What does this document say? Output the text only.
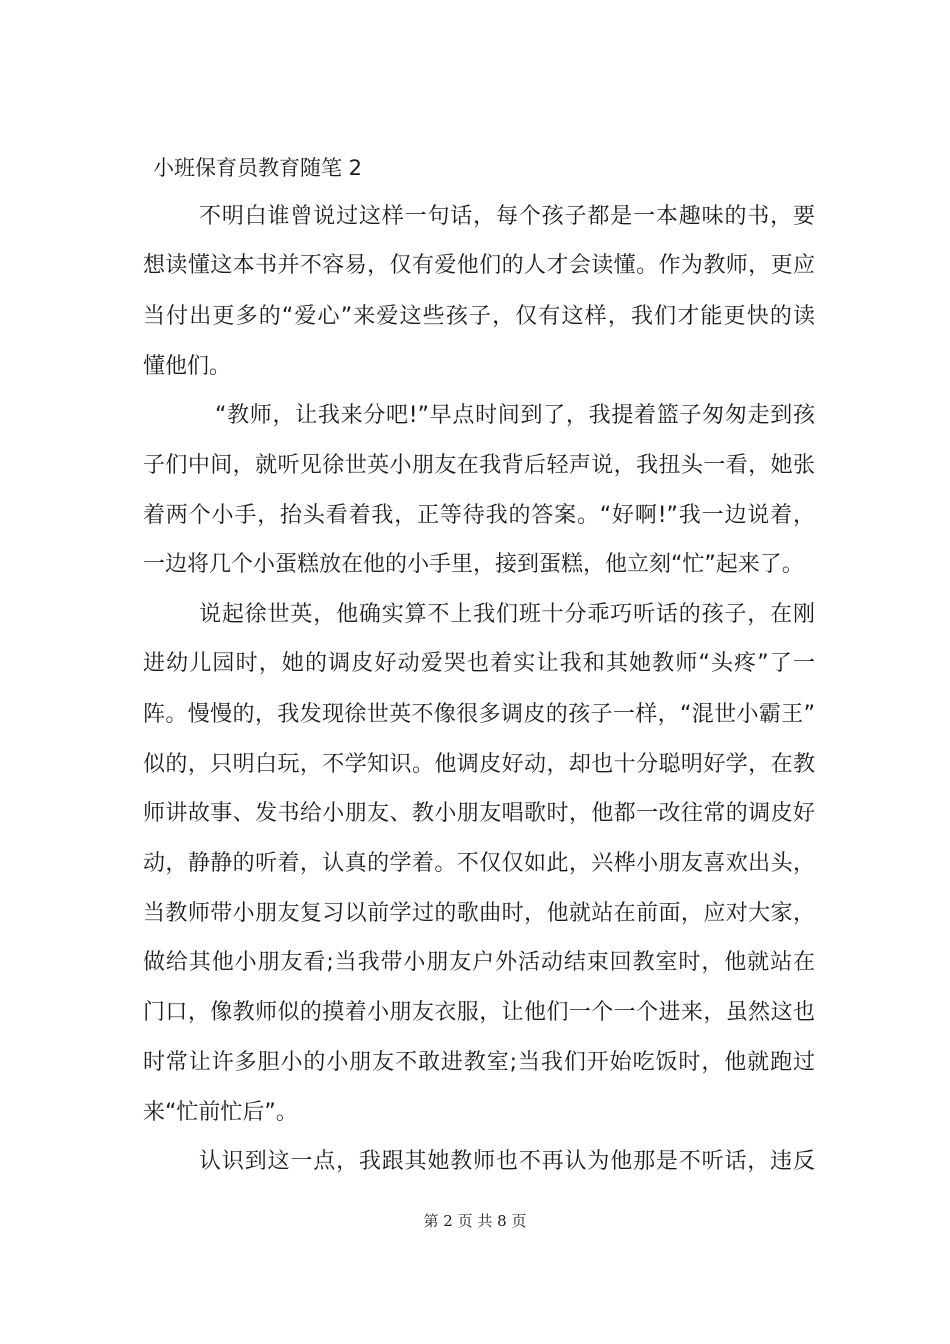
小班保育员教育随笔 2
不明白谁曾说过这样一句话，每个孩子都是一本趣味的书，要
想读懂这本书并不容易，仅有爱他们的人才会读懂。作为教师，更应
当付出更多的“爱心”来爱这些孩子，仅有这样，我们才能更快的读
懂他们。
“教师，让我来分吧!”早点时间到了，我提着篮子匆匆走到孩
子们中间，就听见徐世英小朋友在我背后轻声说，我扭头一看，她张
着两个小手，抬头看着我，正等待我的答案。“好啊!”我一边说着，
一边将几个小蛋糕放在他的小手里，接到蛋糕，他立刻“忙”起来了。
说起徐世英，他确实算不上我们班十分乖巧听话的孩子，在刚
进幼儿园时，她的调皮好动爱哭也着实让我和其她教师“头疼”了一
阵。慢慢的，我发现徐世英不像很多调皮的孩子一样，“混世小霸王”
似的，只明白玩，不学知识。他调皮好动，却也十分聪明好学，在教
师讲故事、发书给小朋友、教小朋友唱歌时，他都一改往常的调皮好
动，静静的听着，认真的学着。不仅仅如此，兴桦小朋友喜欢出头，
当教师带小朋友复习以前学过的歌曲时，他就站在前面，应对大家，
做给其他小朋友看;当我带小朋友户外活动结束回教室时，他就站在
门口，像教师似的摸着小朋友衣服，让他们一个一个进来，虽然这也
时常让许多胆小的小朋友不敢进教室;当我们开始吃饭时，他就跑过
来“忙前忙后”。
认识到这一点，我跟其她教师也不再认为他那是不听话，违反
第 2 页 共 8 页
